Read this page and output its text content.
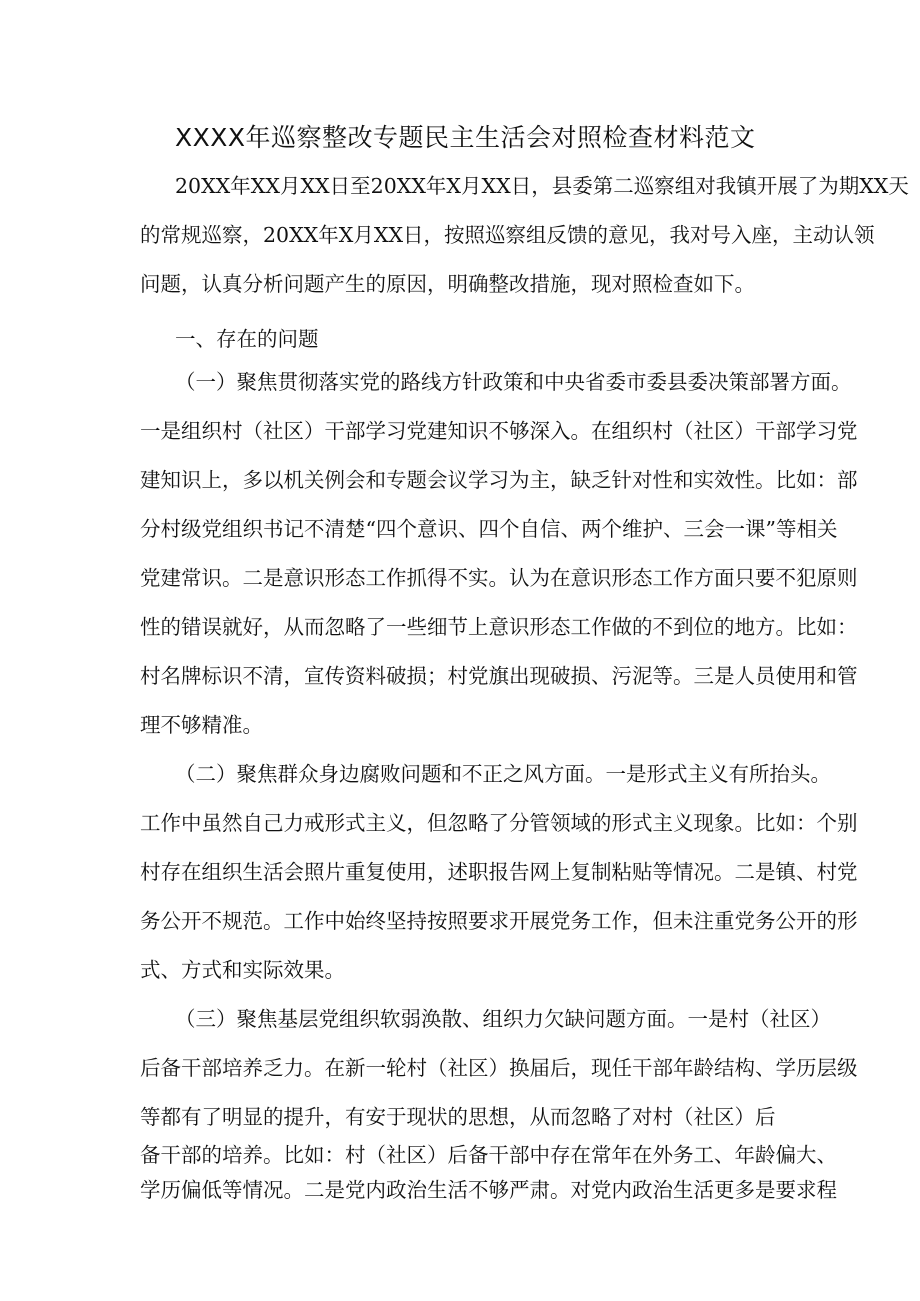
XXXX年巡察整改专题民主生活会对照检查材料范文
20XX年XX月XX日至20XX年X月XX日，县委第二巡察组对我镇开展了为期XX天
的常规巡察，20XX年X月XX日，按照巡察组反馈的意见，我对号入座，主动认领
问题，认真分析问题产生的原因，明确整改措施，现对照检查如下。
一、存在的问题
（一）聚焦贯彻落实党的路线方针政策和中央省委市委县委决策部署方面。
一是组织村（社区）干部学习党建知识不够深入。在组织村（社区）干部学习党
建知识上，多以机关例会和专题会议学习为主，缺乏针对性和实效性。比如：部
分村级党组织书记不清楚“四个意识、四个自信、两个维护、三会一课”等相关
党建常识。二是意识形态工作抓得不实。认为在意识形态工作方面只要不犯原则
性的错误就好，从而忽略了一些细节上意识形态工作做的不到位的地方。比如：
村名牌标识不清，宣传资料破损；村党旗出现破损、污泥等。三是人员使用和管
理不够精准。
（二）聚焦群众身边腐败问题和不正之风方面。一是形式主义有所抬头。
工作中虽然自己力戒形式主义，但忽略了分管领域的形式主义现象。比如：个别
村存在组织生活会照片重复使用，述职报告网上复制粘贴等情况。二是镇、村党
务公开不规范。工作中始终坚持按照要求开展党务工作，但未注重党务公开的形
式、方式和实际效果。
（三）聚焦基层党组织软弱涣散、组织力欠缺问题方面。一是村（社区）
后备干部培养乏力。在新一轮村（社区）换届后，现任干部年龄结构、学历层级
等都有了明显的提升，有安于现状的思想，从而忽略了对村（社区）后
备干部的培养。比如：村（社区）后备干部中存在常年在外务工、年龄偏大、
学历偏低等情况。二是党内政治生活不够严肃。对党内政治生活更多是要求程
